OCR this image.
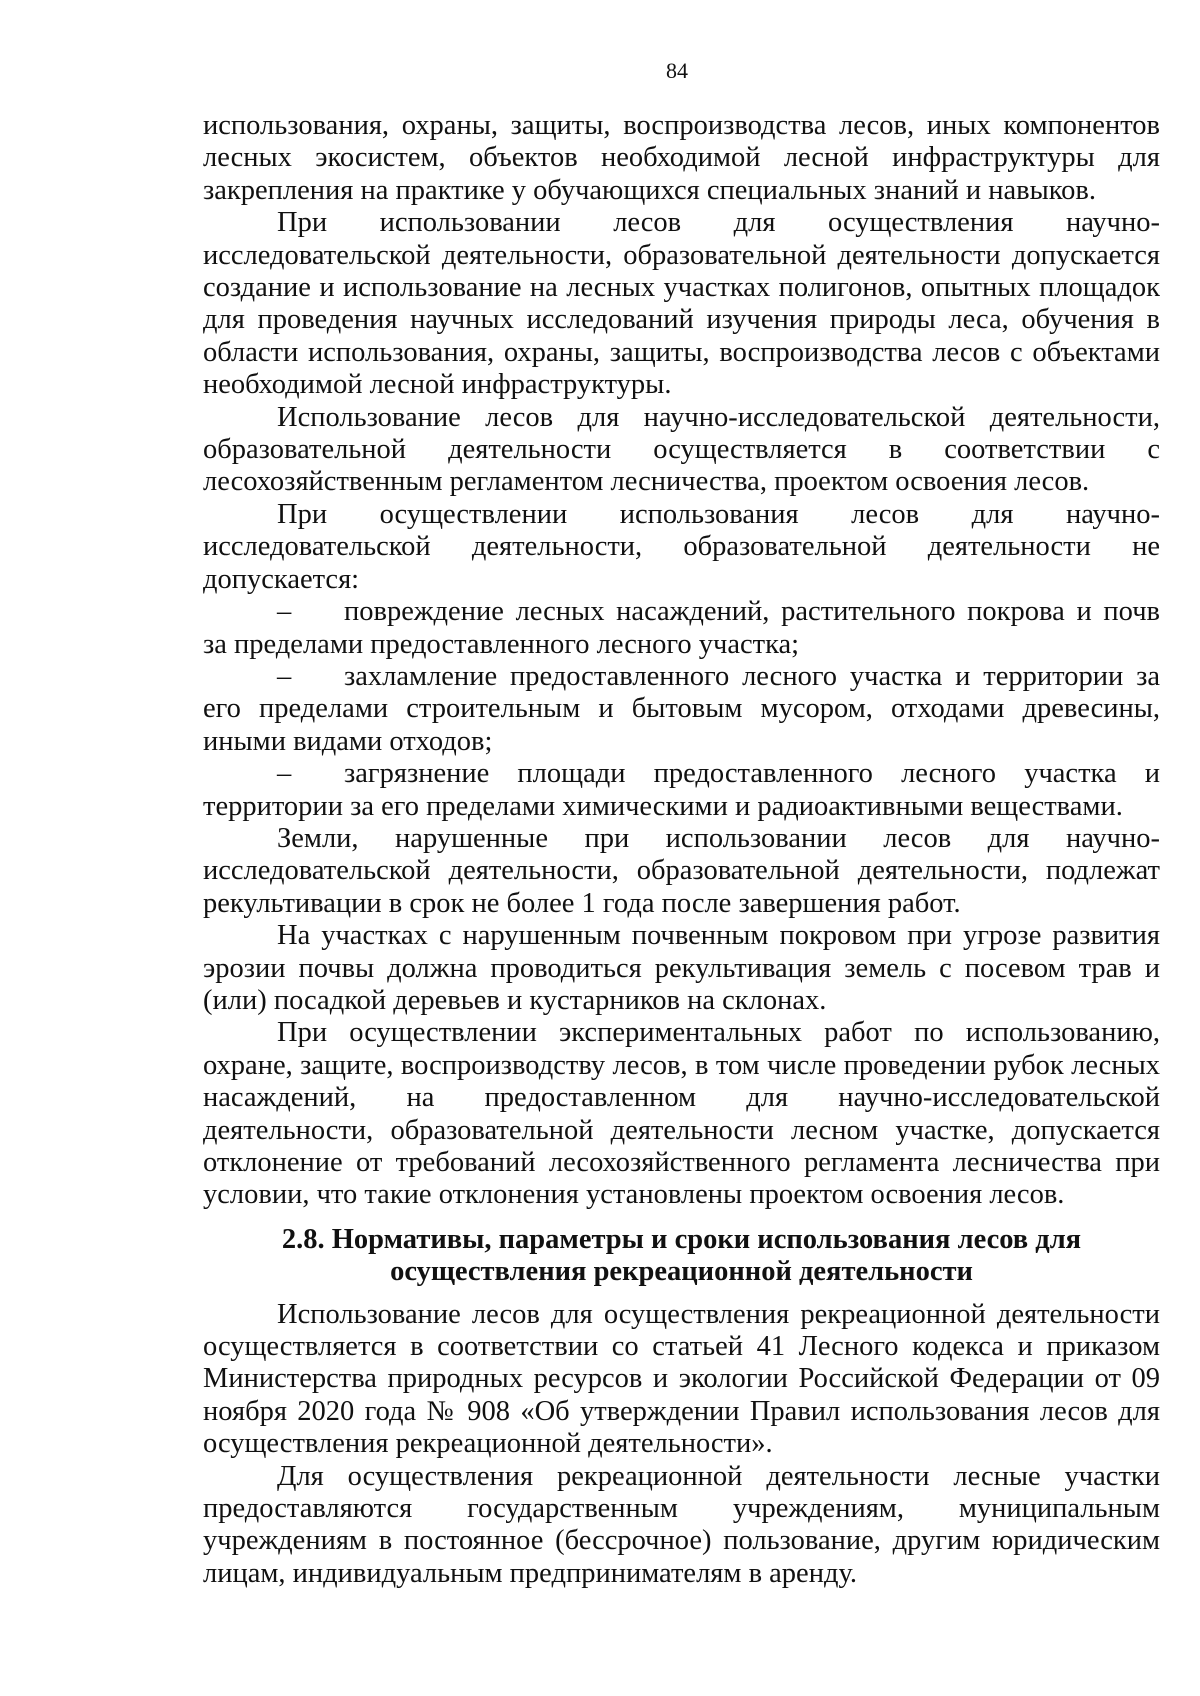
84

использования, охраны, защиты, воспроизводства лесов, иных компонентов лесных экосистем, объектов необходимой лесной инфраструктуры для закрепления на практике у обучающихся специальных знаний и навыков.

При использовании лесов для осуществления научно-исследовательской деятельности, образовательной деятельности допускается создание и использование на лесных участках полигонов, опытных площадок для проведения научных исследований изучения природы леса, обучения в области использования, охраны, защиты, воспроизводства лесов с объектами необходимой лесной инфраструктуры.

Использование лесов для научно-исследовательской деятельности, образовательной деятельности осуществляется в соответствии с лесохозяйственным регламентом лесничества, проектом освоения лесов.

При осуществлении использования лесов для научно-исследовательской деятельности, образовательной деятельности не допускается:

– повреждение лесных насаждений, растительного покрова и почв за пределами предоставленного лесного участка;

– захламление предоставленного лесного участка и территории за его пределами строительным и бытовым мусором, отходами древесины, иными видами отходов;

– загрязнение площади предоставленного лесного участка и территории за его пределами химическими и радиоактивными веществами.

Земли, нарушенные при использовании лесов для научно-исследовательской деятельности, образовательной деятельности, подлежат рекультивации в срок не более 1 года после завершения работ.

На участках с нарушенным почвенным покровом при угрозе развития эрозии почвы должна проводиться рекультивация земель с посевом трав и (или) посадкой деревьев и кустарников на склонах.

При осуществлении экспериментальных работ по использованию, охране, защите, воспроизводству лесов, в том числе проведении рубок лесных насаждений, на предоставленном для научно-исследовательской деятельности, образовательной деятельности лесном участке, допускается отклонение от требований лесохозяйственного регламента лесничества при условии, что такие отклонения установлены проектом освоения лесов.

2.8. Нормативы, параметры и сроки использования лесов для
осуществления рекреационной деятельности

Использование лесов для осуществления рекреационной деятельности осуществляется в соответствии со статьей 41 Лесного кодекса и приказом Министерства природных ресурсов и экологии Российской Федерации от 09 ноября 2020 года № 908 «Об утверждении Правил использования лесов для осуществления рекреационной деятельности».

Для осуществления рекреационной деятельности лесные участки предоставляются государственным учреждениям, муниципальным учреждениям в постоянное (бессрочное) пользование, другим юридическим лицам, индивидуальным предпринимателям в аренду.
